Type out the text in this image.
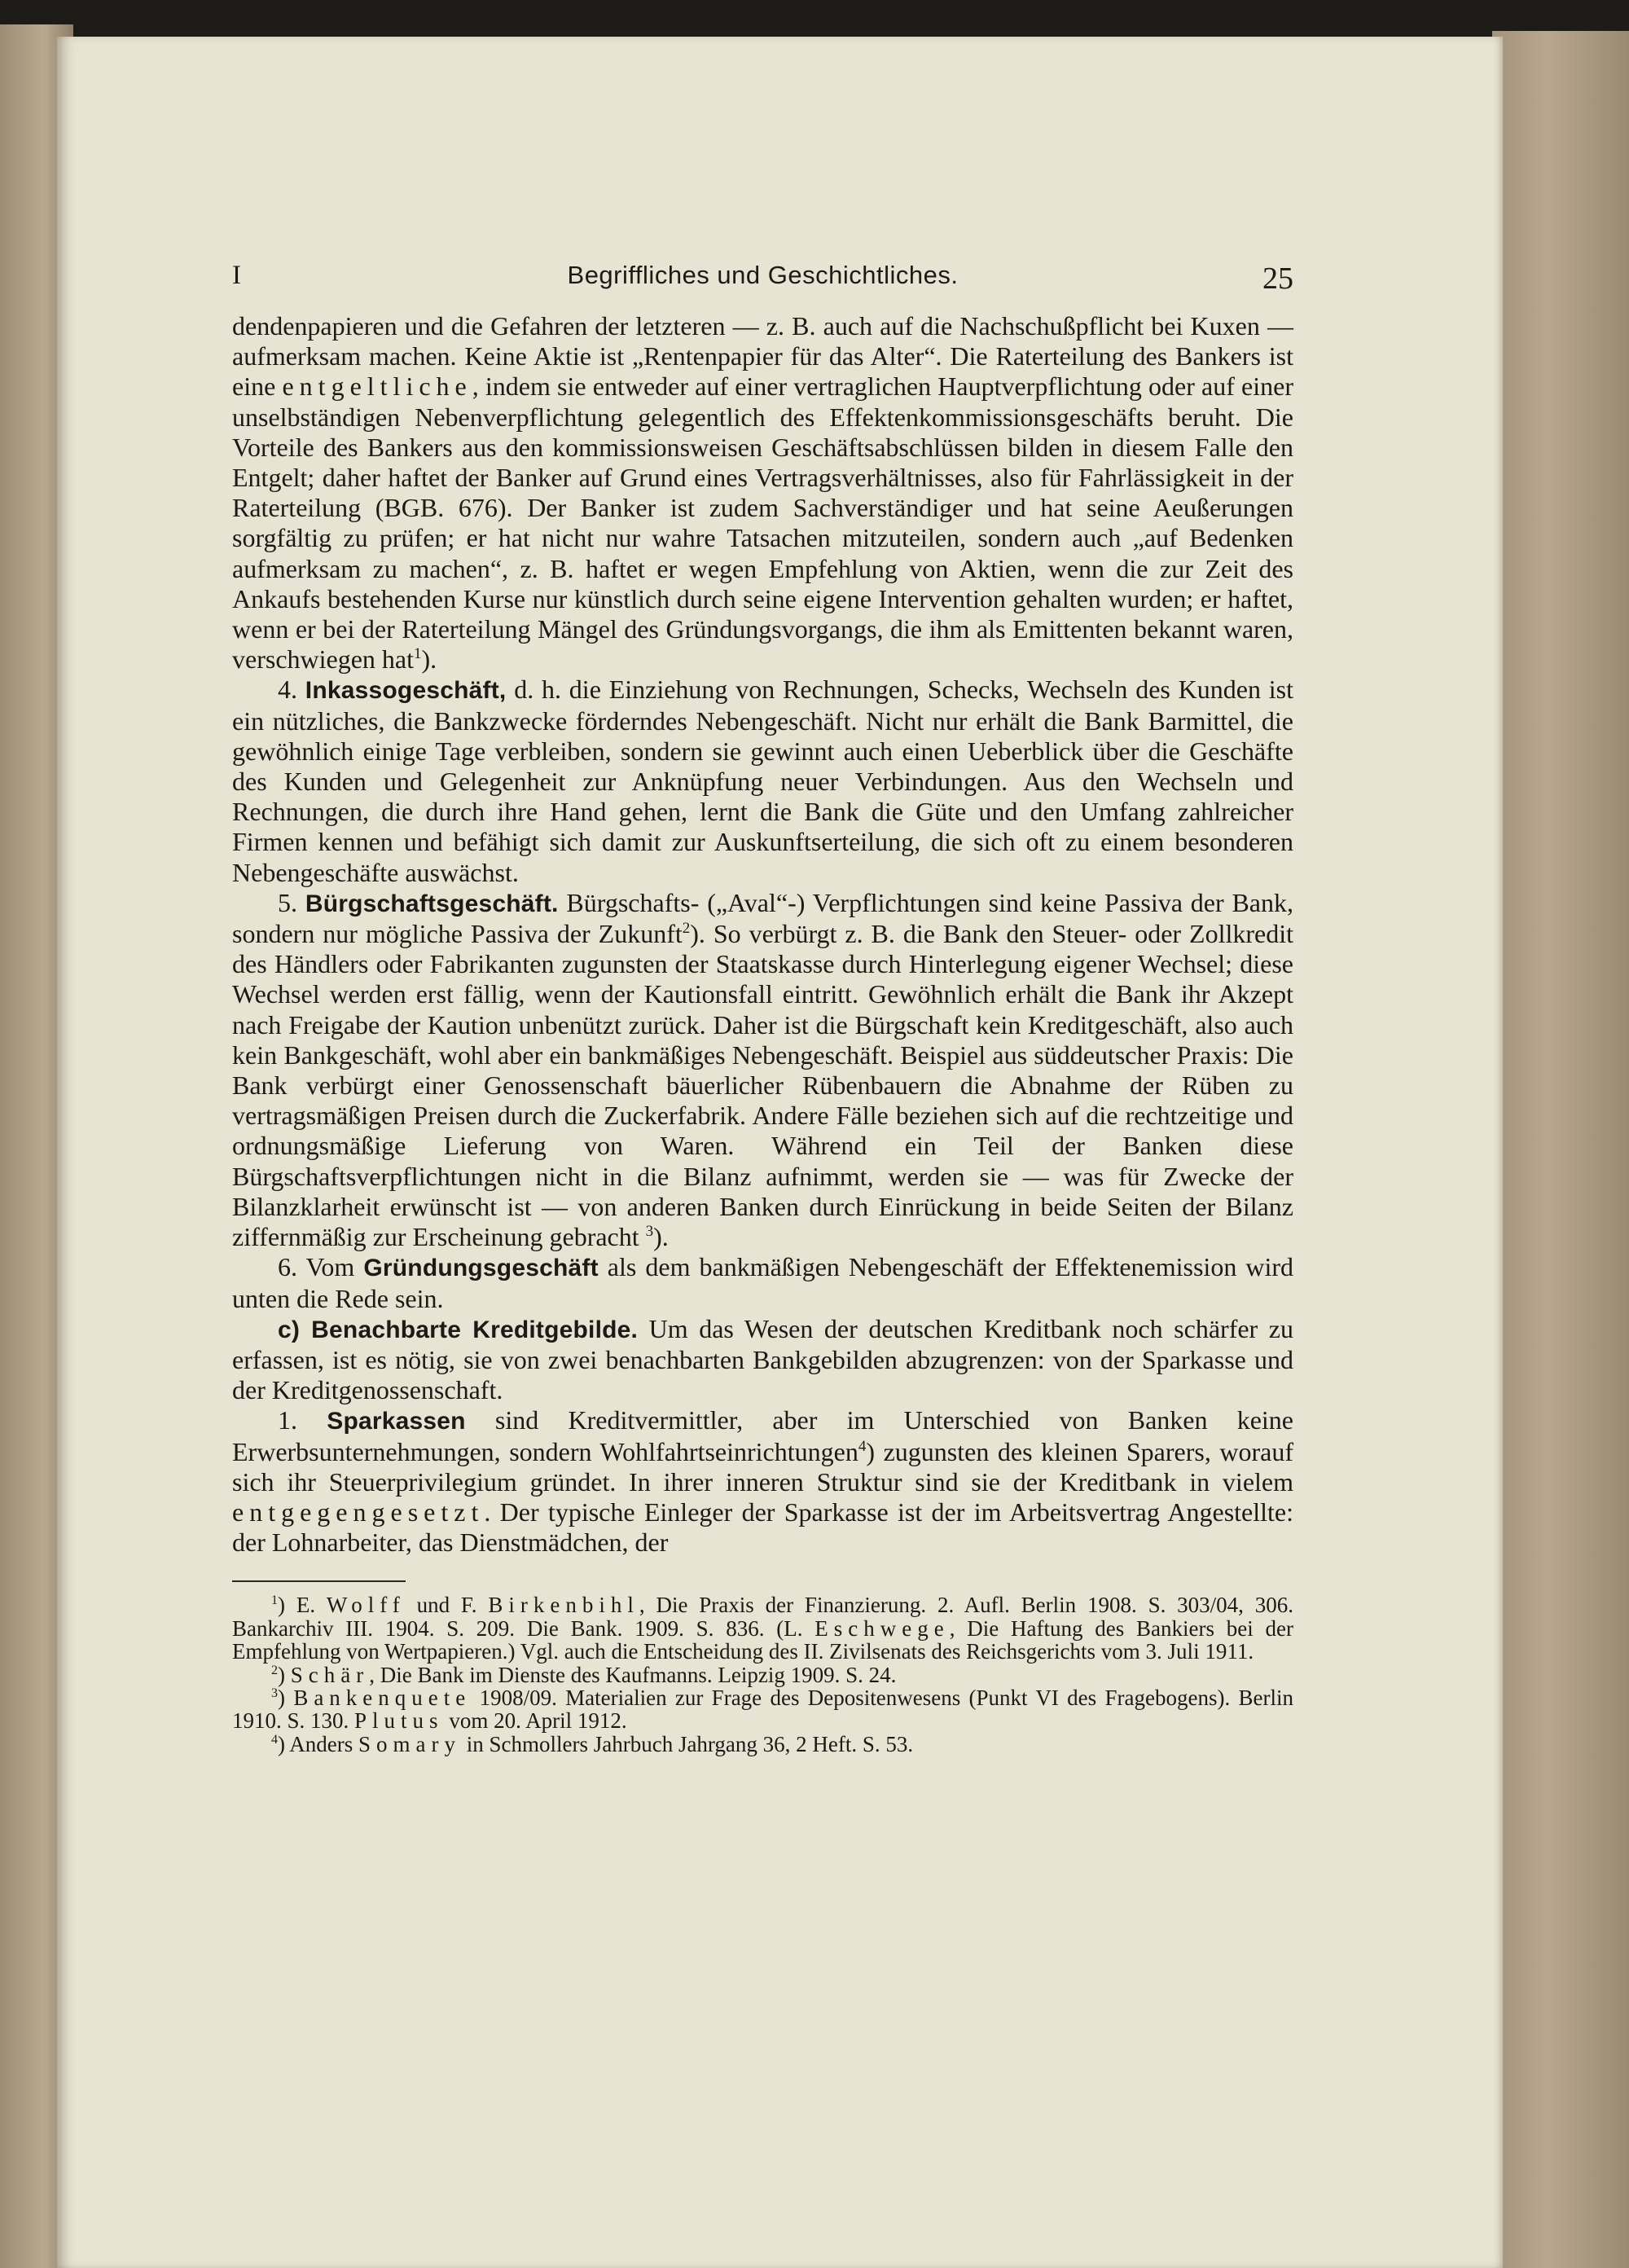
I	Begriffliches und Geschichtliches.	25

dendenpapieren und die Gefahren der letzteren — z. B. auch auf die Nachschußpflicht bei Kuxen — aufmerksam machen. Keine Aktie ist „Rentenpapier für das Alter“. Die Raterteilung des Bankers ist eine entgeltliche, indem sie entweder auf einer vertraglichen Hauptverpflichtung oder auf einer unselbständigen Nebenverpflichtung gelegentlich des Effektenkommissionsgeschäfts beruht. Die Vorteile des Bankers aus den kommissionsweisen Geschäftsabschlüssen bilden in diesem Falle den Entgelt; daher haftet der Banker auf Grund eines Vertragsverhältnisses, also für Fahrlässigkeit in der Raterteilung (BGB. 676). Der Banker ist zudem Sachverständiger und hat seine Aeußerungen sorgfältig zu prüfen; er hat nicht nur wahre Tatsachen mitzuteilen, sondern auch „auf Bedenken aufmerksam zu machen“, z. B. haftet er wegen Empfehlung von Aktien, wenn die zur Zeit des Ankaufs bestehenden Kurse nur künstlich durch seine eigene Intervention gehalten wurden; er haftet, wenn er bei der Raterteilung Mängel des Gründungsvorgangs, die ihm als Emittenten bekannt waren, verschwiegen hat$^1$).

4. Inkassogeschäft, d. h. die Einziehung von Rechnungen, Schecks, Wechseln des Kunden ist ein nützliches, die Bankzwecke förderndes Nebengeschäft. Nicht nur erhält die Bank Barmittel, die gewöhnlich einige Tage verbleiben, sondern sie gewinnt auch einen Ueberblick über die Geschäfte des Kunden und Gelegenheit zur Anknüpfung neuer Verbindungen. Aus den Wechseln und Rechnungen, die durch ihre Hand gehen, lernt die Bank die Güte und den Umfang zahlreicher Firmen kennen und befähigt sich damit zur Auskunftserteilung, die sich oft zu einem besonderen Nebengeschäfte auswächst.

5. Bürgschaftsgeschäft. Bürgschafts- („Aval“-) Verpflichtungen sind keine Passiva der Bank, sondern nur mögliche Passiva der Zukunft$^2$). So verbürgt z. B. die Bank den Steuer- oder Zollkredit des Händlers oder Fabrikanten zugunsten der Staatskasse durch Hinterlegung eigener Wechsel; diese Wechsel werden erst fällig, wenn der Kautionsfall eintritt. Gewöhnlich erhält die Bank ihr Akzept nach Freigabe der Kaution unbenützt zurück. Daher ist die Bürgschaft kein Kreditgeschäft, also auch kein Bankgeschäft, wohl aber ein bankmäßiges Nebengeschäft. Beispiel aus süddeutscher Praxis: Die Bank verbürgt einer Genossenschaft bäuerlicher Rübenbauern die Abnahme der Rüben zu vertragsmäßigen Preisen durch die Zuckerfabrik. Andere Fälle beziehen sich auf die rechtzeitige und ordnungsmäßige Lieferung von Waren. Während ein Teil der Banken diese Bürgschaftsverpflichtungen nicht in die Bilanz aufnimmt, werden sie — was für Zwecke der Bilanzklarheit erwünscht ist — von anderen Banken durch Einrückung in beide Seiten der Bilanz ziffernmäßig zur Erscheinung gebracht $^3$).

6. Vom Gründungsgeschäft als dem bankmäßigen Nebengeschäft der Effektenemission wird unten die Rede sein.

c) Benachbarte Kreditgebilde. Um das Wesen der deutschen Kreditbank noch schärfer zu erfassen, ist es nötig, sie von zwei benachbarten Bankgebilden abzugrenzen: von der Sparkasse und der Kreditgenossenschaft.

1. Sparkassen sind Kreditvermittler, aber im Unterschied von Banken keine Erwerbsunternehmungen, sondern Wohlfahrtseinrichtungen$^4$) zugunsten des kleinen Sparers, worauf sich ihr Steuerprivilegium gründet. In ihrer inneren Struktur sind sie der Kreditbank in vielem entgegengesetzt. Der typische Einleger der Sparkasse ist der im Arbeitsvertrag Angestellte: der Lohnarbeiter, das Dienstmädchen, der

$^1$) E. Wolff und F. Birkenbihl, Die Praxis der Finanzierung. 2. Aufl. Berlin 1908. S. 303/04, 306. Bankarchiv III. 1904. S. 209. Die Bank. 1909. S. 836. (L. Eschwege, Die Haftung des Bankiers bei der Empfehlung von Wertpapieren.) Vgl. auch die Entscheidung des II. Zivilsenats des Reichsgerichts vom 3. Juli 1911.

$^2$) Schär, Die Bank im Dienste des Kaufmanns. Leipzig 1909. S. 24.

$^3$) Bankenquete 1908/09. Materialien zur Frage des Depositenwesens (Punkt VI des Fragebogens). Berlin 1910. S. 130. Plutus vom 20. April 1912.

$^4$) Anders Somary in Schmollers Jahrbuch Jahrgang 36, 2 Heft. S. 53.
